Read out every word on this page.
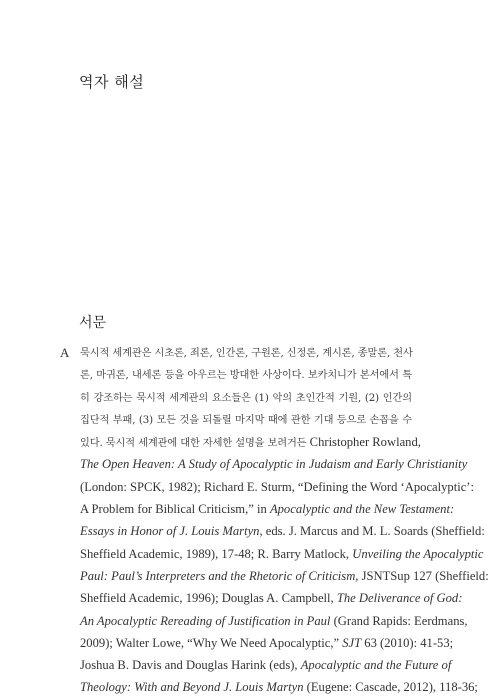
역자 해설
서문
A 묵시적 세계관은 시초론, 죄론, 인간론, 구원론, 신정론, 계시론, 종말론, 천사
론, 마귀론, 내세론 등을 아우르는 방대한 사상이다. 보카치니가 본서에서 특
히 강조하는 묵시적 세계관의 요소들은 (1) 악의 초인간적 기원, (2) 인간의
집단적 부패, (3) 모든 것을 되돌릴 마지막 때에 관한 기대 등으로 손꼽을 수
있다. 묵시적 세계관에 대한 자세한 설명을 보려거든 Christopher Rowland,
The Open Heaven: A Study of Apocalyptic in Judaism and Early Christianity
(London: SPCK, 1982); Richard E. Sturm, “Defining the Word ‘Apocalyptic’:
A Problem for Biblical Criticism,” in Apocalyptic and the New Testament:
Essays in Honor of J. Louis Martyn, eds. J. Marcus and M. L. Soards (Sheffield:
Sheffield Academic, 1989), 17-48; R. Barry Matlock, Unveiling the Apocalyptic
Paul: Paul’s Interpreters and the Rhetoric of Criticism, JSNTSup 127 (Sheffield:
Sheffield Academic, 1996); Douglas A. Campbell, The Deliverance of God:
An Apocalyptic Rereading of Justification in Paul (Grand Rapids: Eerdmans,
2009); Walter Lowe, “Why We Need Apocalyptic,” SJT 63 (2010): 41-53;
Joshua B. Davis and Douglas Harink (eds), Apocalyptic and the Future of
Theology: With and Beyond J. Louis Martyn (Eugene: Cascade, 2012), 118-36;
